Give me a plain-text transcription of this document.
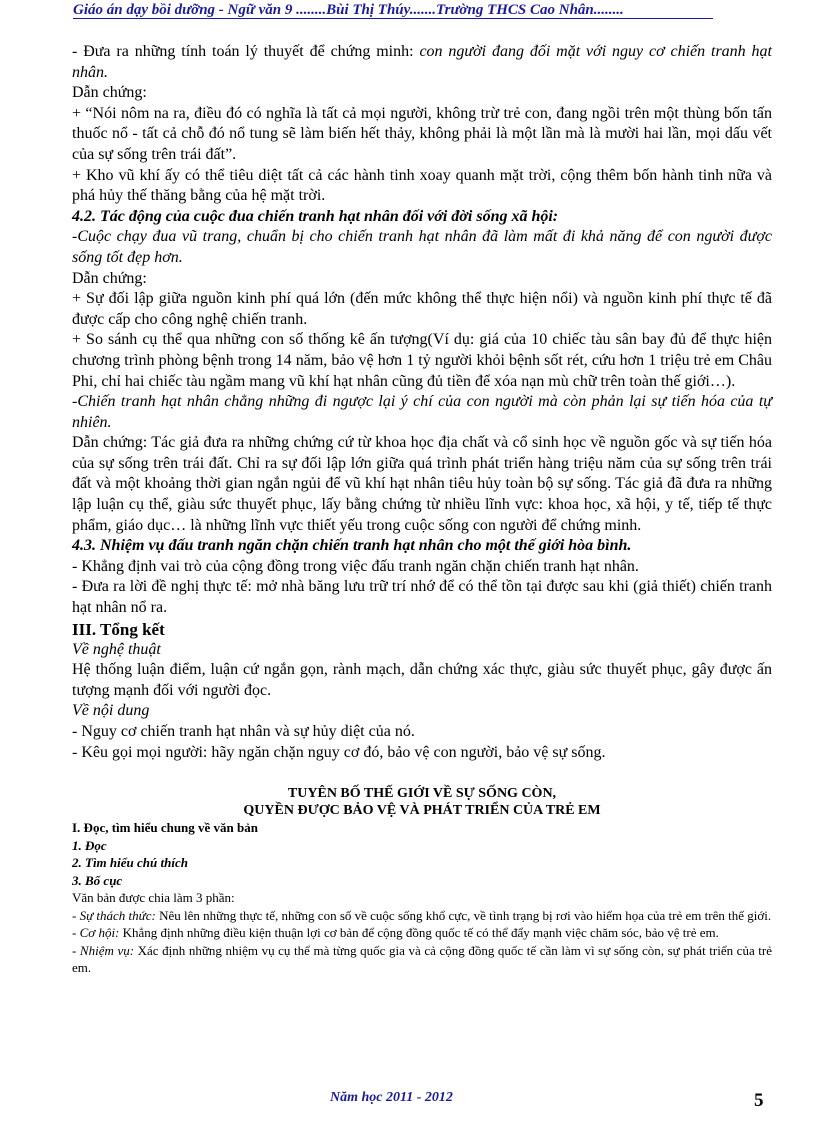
Giáo án dạy bồi dưỡng - Ngữ văn 9 ........Bùi Thị Thúy.......Trường THCS Cao Nhân........

- Đưa ra những tính toán lý thuyết để chứng minh: con người đang đối mặt với nguy cơ chiến tranh hạt nhân.

Dẫn chứng:

+ “Nói nôm na ra, điều đó có nghĩa là tất cả mọi người, không trừ trẻ con, đang ngồi trên một thùng bốn tấn thuốc nổ - tất cả chỗ đó nổ tung sẽ làm biến hết thảy, không phải là một lần mà là mười hai lần, mọi dấu vết của sự sống trên trái đất”.

+ Kho vũ khí ấy có thể tiêu diệt tất cả các hành tinh xoay quanh mặt trời, cộng thêm bốn hành tinh nữa và phá hủy thế thăng bằng của hệ mặt trời.

4.2. Tác động của cuộc đua chiến tranh hạt nhân đối với đời sống xã hội:

-Cuộc chạy đua vũ trang, chuẩn bị cho chiến tranh hạt nhân đã làm mất đi khả năng để con người được sống tốt đẹp hơn.

Dẫn chứng:

+ Sự đối lập giữa nguồn kinh phí quá lớn (đến mức không thể thực hiện nổi) và nguồn kinh phí thực tế đã được cấp cho công nghệ chiến tranh.

+ So sánh cụ thể qua những con số thống kê ấn tượng(Ví dụ: giá của 10 chiếc tàu sân bay đủ để thực hiện chương trình phòng bệnh trong 14 năm, bảo vệ hơn 1 tỷ người khỏi bệnh sốt rét, cứu hơn 1 triệu trẻ em Châu Phi, chỉ hai chiếc tàu ngầm mang vũ khí hạt nhân cũng đủ tiền để xóa nạn mù chữ trên toàn thế giới…).

-Chiến tranh hạt nhân chẳng những đi ngược lại ý chí của con người mà còn phản lại sự tiến hóa của tự nhiên.

Dẫn chứng: Tác giả đưa ra những chứng cứ từ khoa học địa chất và cổ sinh học về nguồn gốc và sự tiến hóa của sự sống trên trái đất. Chỉ ra sự đối lập lớn giữa quá trình phát triển hàng triệu năm của sự sống trên trái đất và một khoảng thời gian ngắn ngủi để vũ khí hạt nhân tiêu hủy toàn bộ sự sống. Tác giả đã đưa ra những lập luận cụ thể, giàu sức thuyết phục, lấy bằng chứng từ nhiều lĩnh vực: khoa học, xã hội, y tế, tiếp tế thực phẩm, giáo dục… là những lĩnh vực thiết yếu trong cuộc sống con người để chứng minh.

4.3. Nhiệm vụ đấu tranh ngăn chặn chiến tranh hạt nhân cho một thế giới hòa bình.

- Khẳng định vai trò của cộng đồng trong việc đấu tranh ngăn chặn chiến tranh hạt nhân.

- Đưa ra lời đề nghị thực tế: mở nhà băng lưu trữ trí nhớ để có thể tồn tại được sau khi (giả thiết) chiến tranh hạt nhân nổ ra.

III. Tổng kết

Về nghệ thuật

Hệ thống luận điểm, luận cứ ngắn gọn, rành mạch, dẫn chứng xác thực, giàu sức thuyết phục, gây được ấn tượng mạnh đối với người đọc.

Về nội dung

- Nguy cơ chiến tranh hạt nhân và sự hủy diệt của nó.

- Kêu gọi mọi người: hãy ngăn chặn nguy cơ đó, bảo vệ con người, bảo vệ sự sống.

TUYÊN BỐ THẾ GIỚI VỀ SỰ SỐNG CÒN,

QUYỀN ĐƯỢC BẢO VỆ VÀ PHÁT TRIỂN CỦA TRẺ EM

I. Đọc, tìm hiểu chung về văn bản

1. Đọc

2. Tìm hiểu chú thích

3. Bố cục

Văn bản được chia làm 3 phần:

- Sự thách thức: Nêu lên những thực tế, những con số về cuộc sống khổ cực, về tình trạng bị rơi vào hiểm họa của trẻ em trên thế giới.

- Cơ hội: Khẳng định những điều kiện thuận lợi cơ bản để cộng đồng quốc tế có thể đẩy mạnh việc chăm sóc, bảo vệ trẻ em.

- Nhiệm vụ: Xác định những nhiệm vụ cụ thể mà từng quốc gia và cả cộng đồng quốc tế cần làm vì sự sống còn, sự phát triển của trẻ em.

Năm học 2011 - 2012	5
